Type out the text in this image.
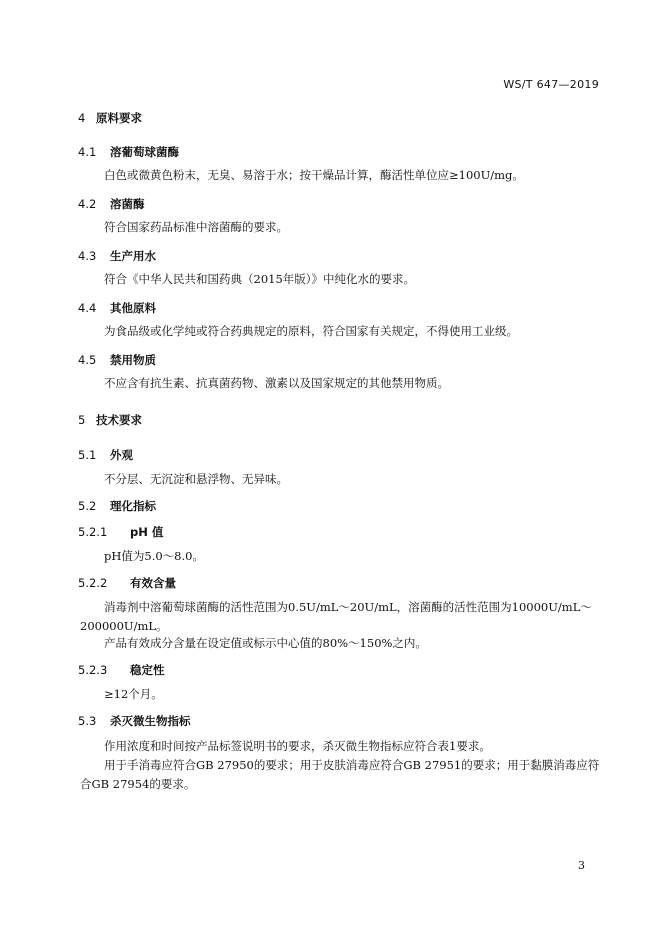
WS/T 647—2019
4 原料要求
4.1 溶葡萄球菌酶
白色或微黄色粉末，无臭、易溶于水；按干燥品计算，酶活性单位应≥100U/mg。
4.2 溶菌酶
符合国家药品标准中溶菌酶的要求。
4.3 生产用水
符合《中华人民共和国药典（2015年版）》中纯化水的要求。
4.4 其他原料
为食品级或化学纯或符合药典规定的原料，符合国家有关规定，不得使用工业级。
4.5 禁用物质
不应含有抗生素、抗真菌药物、激素以及国家规定的其他禁用物质。
5 技术要求
5.1 外观
不分层、无沉淀和悬浮物、无异味。
5.2 理化指标
5.2.1 pH 值
pH值为5.0～8.0。
5.2.2 有效含量
消毒剂中溶葡萄球菌酶的活性范围为0.5U/mL～20U/mL，溶菌酶的活性范围为10000U/mL～200000U/mL。
产品有效成分含量在设定值或标示中心值的80%～150%之内。
5.2.3 稳定性
≥12个月。
5.3 杀灭微生物指标
作用浓度和时间按产品标签说明书的要求，杀灭微生物指标应符合表1要求。
用于手消毒应符合GB 27950的要求；用于皮肤消毒应符合GB 27951的要求；用于黏膜消毒应符合GB 27954的要求。
3
